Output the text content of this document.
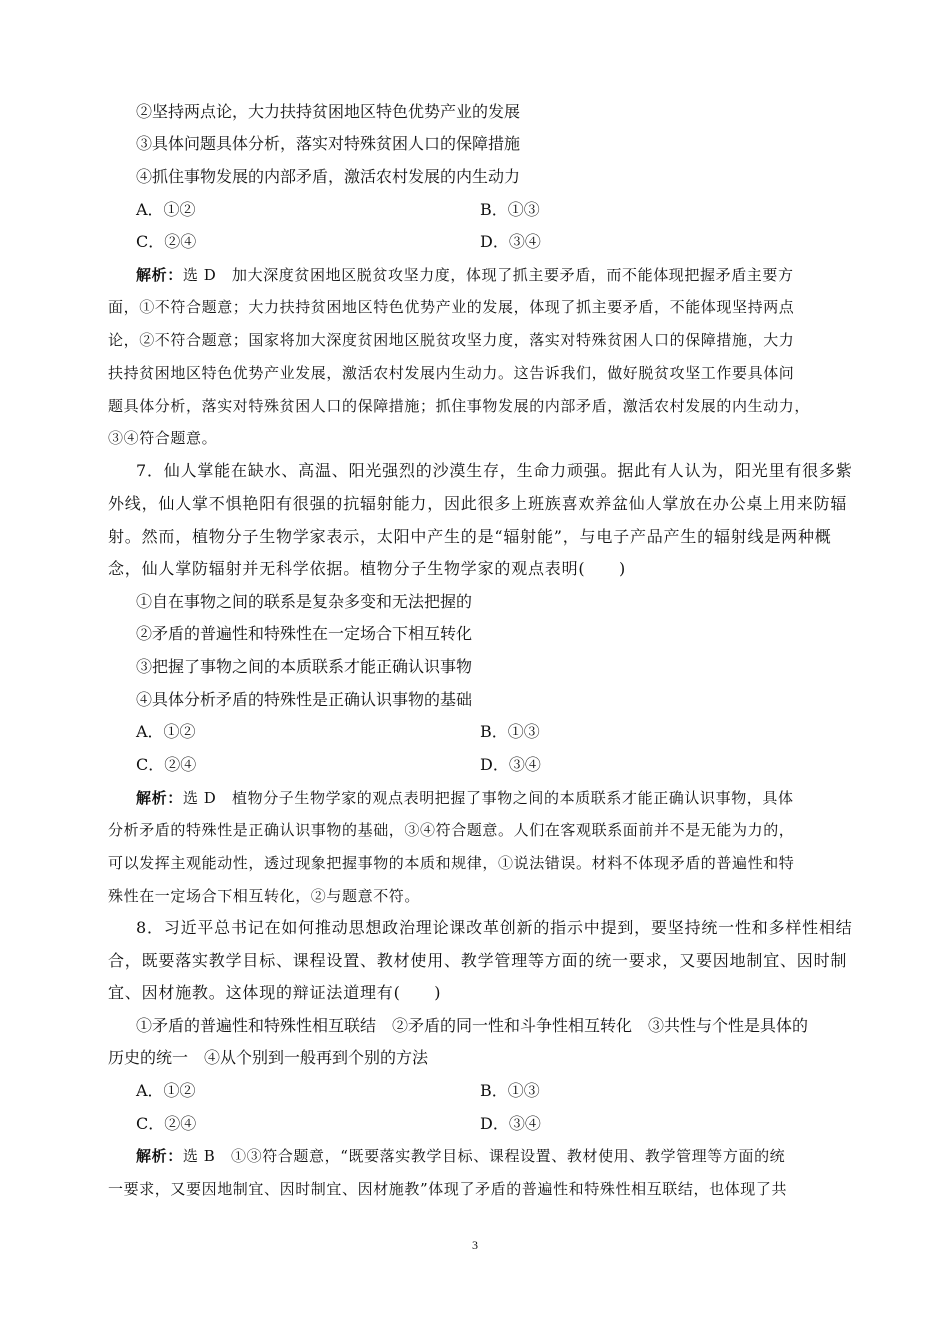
②坚持两点论，大力扶持贫困地区特色优势产业的发展
③具体问题具体分析，落实对特殊贫困人口的保障措施
④抓住事物发展的内部矛盾，激活农村发展的内生动力
A．①②	B．①③
C．②④	D．③④
解析：选 D　加大深度贫困地区脱贫攻坚力度，体现了抓主要矛盾，而不能体现把握矛盾主要方
面，①不符合题意；大力扶持贫困地区特色优势产业的发展，体现了抓主要矛盾，不能体现坚持两点
论，②不符合题意；国家将加大深度贫困地区脱贫攻坚力度，落实对特殊贫困人口的保障措施，大力
扶持贫困地区特色优势产业发展，激活农村发展内生动力。这告诉我们，做好脱贫攻坚工作要具体问
题具体分析，落实对特殊贫困人口的保障措施；抓住事物发展的内部矛盾，激活农村发展的内生动力，
③④符合题意。
7．仙人掌能在缺水、高温、阳光强烈的沙漠生存，生命力顽强。据此有人认为，阳光里有很多紫
外线，仙人掌不惧艳阳有很强的抗辐射能力，因此很多上班族喜欢养盆仙人掌放在办公桌上用来防辐
射。然而，植物分子生物学家表示，太阳中产生的是“辐射能”，与电子产品产生的辐射线是两种概
念，仙人掌防辐射并无科学依据。植物分子生物学家的观点表明(　　)
①自在事物之间的联系是复杂多变和无法把握的
②矛盾的普遍性和特殊性在一定场合下相互转化
③把握了事物之间的本质联系才能正确认识事物
④具体分析矛盾的特殊性是正确认识事物的基础
A．①②	B．①③
C．②④	D．③④
解析：选 D　植物分子生物学家的观点表明把握了事物之间的本质联系才能正确认识事物，具体
分析矛盾的特殊性是正确认识事物的基础，③④符合题意。人们在客观联系面前并不是无能为力的，
可以发挥主观能动性，透过现象把握事物的本质和规律，①说法错误。材料不体现矛盾的普遍性和特
殊性在一定场合下相互转化，②与题意不符。
8．习近平总书记在如何推动思想政治理论课改革创新的指示中提到，要坚持统一性和多样性相结
合，既要落实教学目标、课程设置、教材使用、教学管理等方面的统一要求，又要因地制宜、因时制
宜、因材施教。这体现的辩证法道理有(　　)
①矛盾的普遍性和特殊性相互联结　②矛盾的同一性和斗争性相互转化　③共性与个性是具体的
历史的统一　④从个别到一般再到个别的方法
A．①②	B．①③
C．②④	D．③④
解析：选 B　①③符合题意，“既要落实教学目标、课程设置、教材使用、教学管理等方面的统
一要求，又要因地制宜、因时制宜、因材施教”体现了矛盾的普遍性和特殊性相互联结，也体现了共
3
